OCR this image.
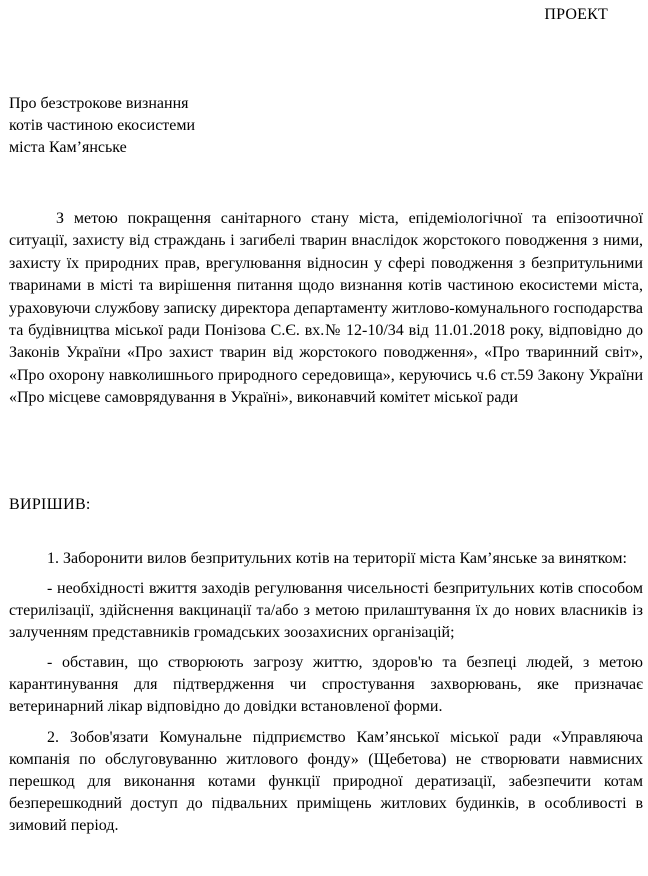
ПРОЕКТ
Про безстрокове визнання
котів частиною екосистеми
міста Кам’янське

З метою покращення санітарного стану міста, епідеміологічної та епізоотичної ситуації, захисту від страждань і загибелі тварин внаслідок жорстокого поводження з ними, захисту їх природних прав, врегулювання відносин у сфері поводження з безпритульними тваринами в місті та вирішення питання щодо визнання котів частиною екосистеми міста, ураховуючи службову записку директора департаменту житлово-комунального господарства та будівництва міської ради Понізова С.Є. вх.№ 12-10/34 від 11.01.2018 року, відповідно до Законів України «Про захист тварин від жорстокого поводження», «Про тваринний світ», «Про охорону навколишнього природного середовища», керуючись ч.6 ст.59 Закону України «Про місцеве самоврядування в Україні», виконавчий комітет міської ради

ВИРІШИВ:

1. Заборонити вилов безпритульних котів на території міста Кам’янське за винятком:

- необхідності вжиття заходів регулювання чисельності безпритульних котів способом стерилізації, здійснення вакцинації та/або з метою прилаштування їх до нових власників із залученням представників громадських зоозахисних організацій;

- обставин, що створюють загрозу життю, здоров'ю та безпеці людей, з метою карантинування для підтвердження чи спростування захворювань, яке призначає ветеринарний лікар відповідно до довідки встановленої форми.

2. Зобов'язати Комунальне підприємство Кам’янської міської ради «Управляюча компанія по обслуговуванню житлового фонду» (Щебетова) не створювати навмисних перешкод для виконання котами функції природної дератизації, забезпечити котам безперешкодний доступ до підвальних приміщень житлових будинків, в особливості в зимовий період.
